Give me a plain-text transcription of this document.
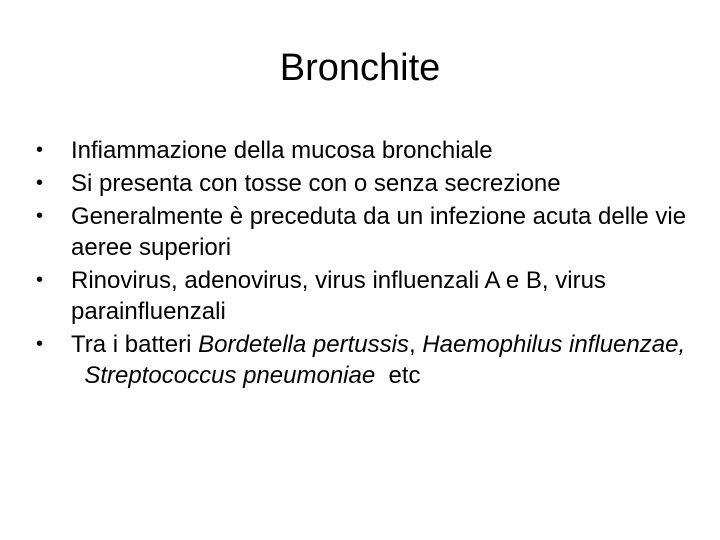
Bronchite
•	Infiammazione della mucosa bronchiale
•	Si presenta con tosse con o senza secrezione
•	Generalmente è preceduta da un infezione acuta delle vie aeree superiori
•	Rinovirus, adenovirus, virus influenzali A e B, virus parainfluenzali
•	Tra i batteri Bordetella pertussis, Haemophilus influenzae,  Streptococcus pneumoniae  etc
